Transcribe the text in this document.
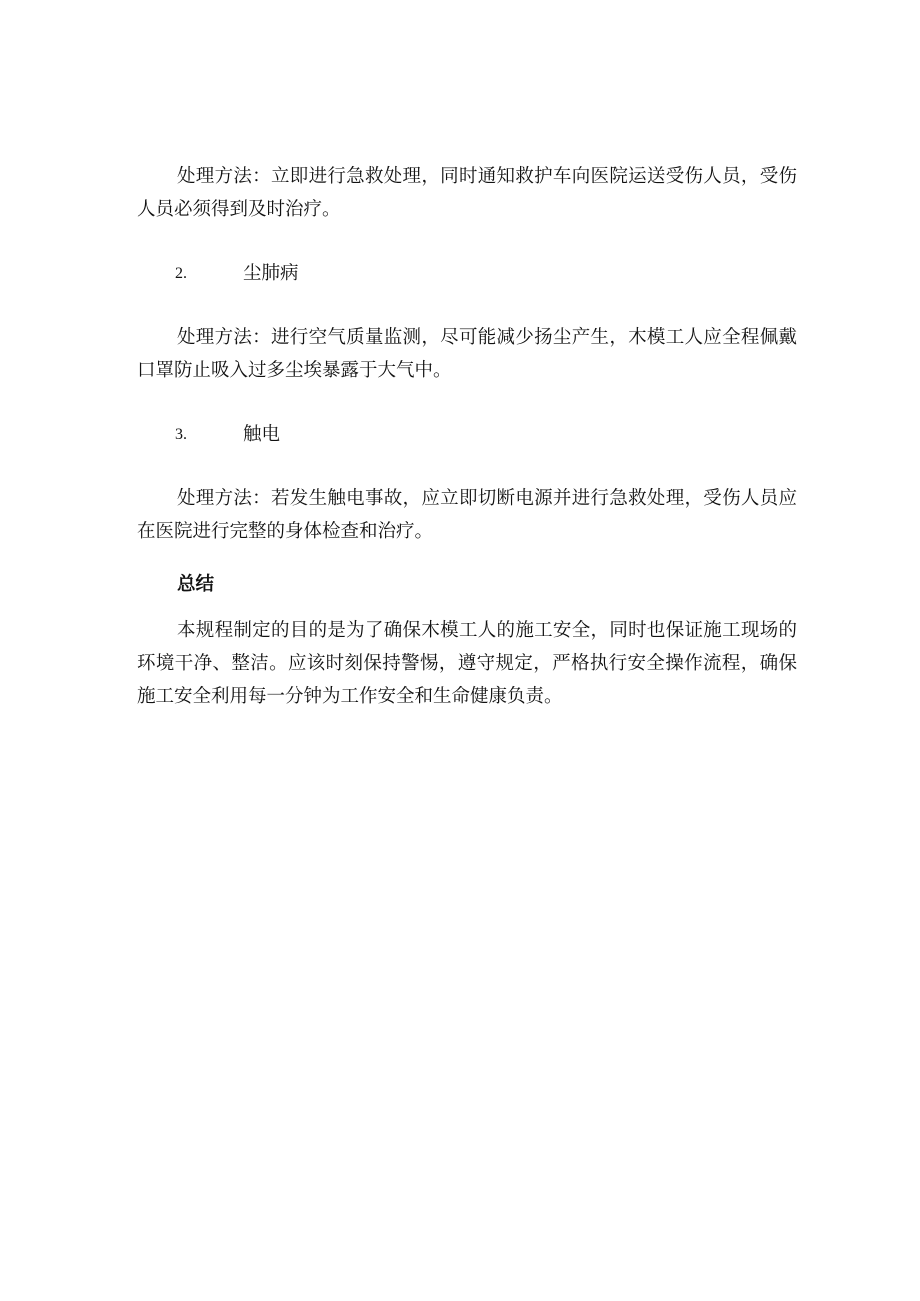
处理方法：立即进行急救处理，同时通知救护车向医院运送受伤人员，受伤人员必须得到及时治疗。

2.	尘肺病

处理方法：进行空气质量监测，尽可能减少扬尘产生，木模工人应全程佩戴口罩防止吸入过多尘埃暴露于大气中。

3.	触电

处理方法：若发生触电事故，应立即切断电源并进行急救处理，受伤人员应在医院进行完整的身体检查和治疗。

总结

本规程制定的目的是为了确保木模工人的施工安全，同时也保证施工现场的环境干净、整洁。应该时刻保持警惕，遵守规定，严格执行安全操作流程，确保施工安全利用每一分钟为工作安全和生命健康负责。
